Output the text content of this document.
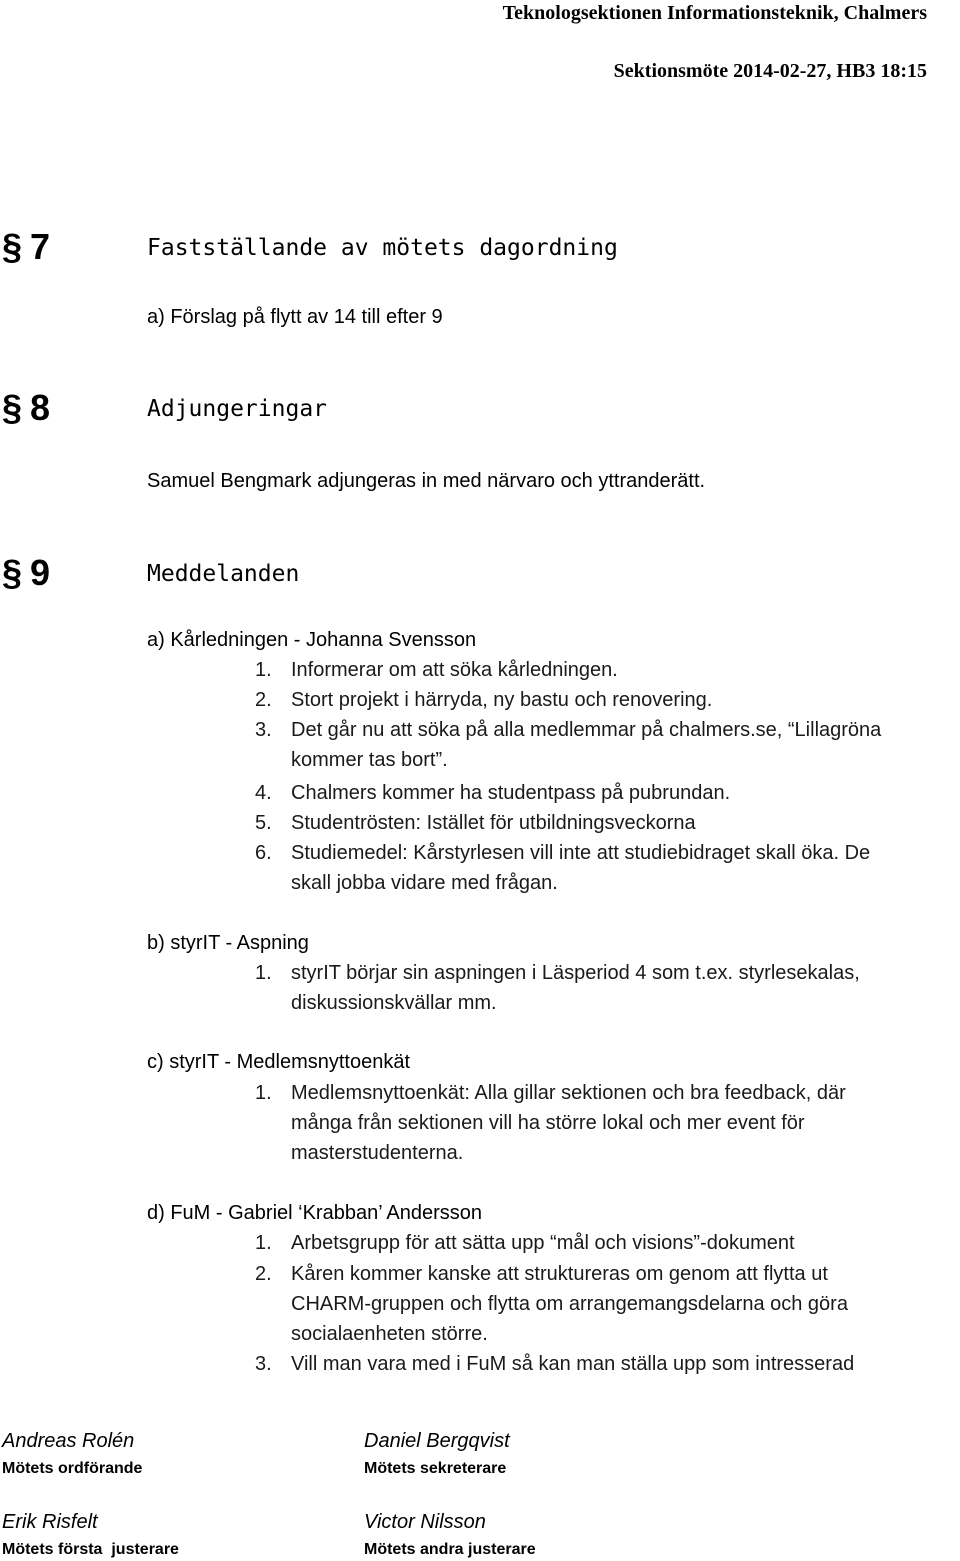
Teknologsektionen Informationsteknik, Chalmers
Sektionsmöte 2014-02-27, HB3 18:15
§ 7	Fastställande av mötets dagordning
a) Förslag på flytt av 14 till efter 9
§ 8	Adjungeringar
Samuel Bengmark adjungeras in med närvaro och yttranderätt.
§ 9	Meddelanden
a) Kårledningen - Johanna Svensson
1. Informerar om att söka kårledningen.
2. Stort projekt i härryda, ny bastu och renovering.
3. Det går nu att söka på alla medlemmar på chalmers.se, “Lillagröna
kommer tas bort”.
4. Chalmers kommer ha studentpass på pubrundan.
5. Studentrösten: Istället för utbildningsveckorna
6. Studiemedel: Kårstyrlesen vill inte att studiebidraget skall öka. De
skall jobba vidare med frågan.
b) styrIT - Aspning
1. styrIT börjar sin aspningen i Läsperiod 4 som t.ex. styrlesekalas,
diskussionskvällar mm.
c) styrIT - Medlemsnyttoenkät
1. Medlemsnyttoenkät: Alla gillar sektionen och bra feedback, där
många från sektionen vill ha större lokal och mer event för
masterstudenterna.
d) FuM - Gabriel ‘Krabban’ Andersson
1. Arbetsgrupp för att sätta upp “mål och visions”-dokument
2. Kåren kommer kanske att struktureras om genom att flytta ut
CHARM-gruppen och flytta om arrangemangsdelarna och göra
socialaenheten större.
3. Vill man vara med i FuM så kan man ställa upp som intresserad
Andreas Rolén
Mötets ordförande
Daniel Bergqvist
Mötets sekreterare
Erik Risfelt
Mötets första  justerare
Victor Nilsson
Mötets andra justerare
